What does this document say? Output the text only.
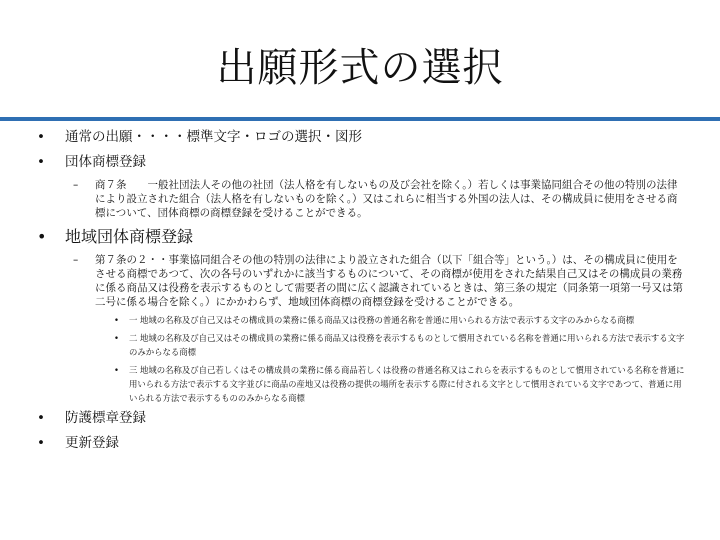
出願形式の選択
• 通常の出願・・・・標準文字・ロゴの選択・図形
• 団体商標登録
– 商７条　　一般社団法人その他の社団（法人格を有しないもの及び会社を除く。）若しくは事業協同組合その他の特別の法律により設立された組合（法人格を有しないものを除く。）又はこれらに相当する外国の法人は、その構成員に使用をさせる商標について、団体商標の商標登録を受けることができる。
• 地域団体商標登録
– 第７条の２・・事業協同組合その他の特別の法律により設立された組合（以下「組合等」という。）は、その構成員に使用をさせる商標であつて、次の各号のいずれかに該当するものについて、その商標が使用をされた結果自己又はその構成員の業務に係る商品又は役務を表示するものとして需要者の間に広く認識されているときは、第三条の規定（同条第一項第一号又は第二号に係る場合を除く。）にかかわらず、地域団体商標の商標登録を受けることができる。
• 一 地域の名称及び自己又はその構成員の業務に係る商品又は役務の普通名称を普通に用いられる方法で表示する文字のみからなる商標
• 二 地域の名称及び自己又はその構成員の業務に係る商品又は役務を表示するものとして慣用されている名称を普通に用いられる方法で表示する文字のみからなる商標
• 三 地域の名称及び自己若しくはその構成員の業務に係る商品若しくは役務の普通名称又はこれらを表示するものとして慣用されている名称を普通に用いられる方法で表示する文字並びに商品の産地又は役務の提供の場所を表示する際に付される文字として慣用されている文字であつて、普通に用いられる方法で表示するもののみからなる商標
• 防護標章登録
• 更新登録
